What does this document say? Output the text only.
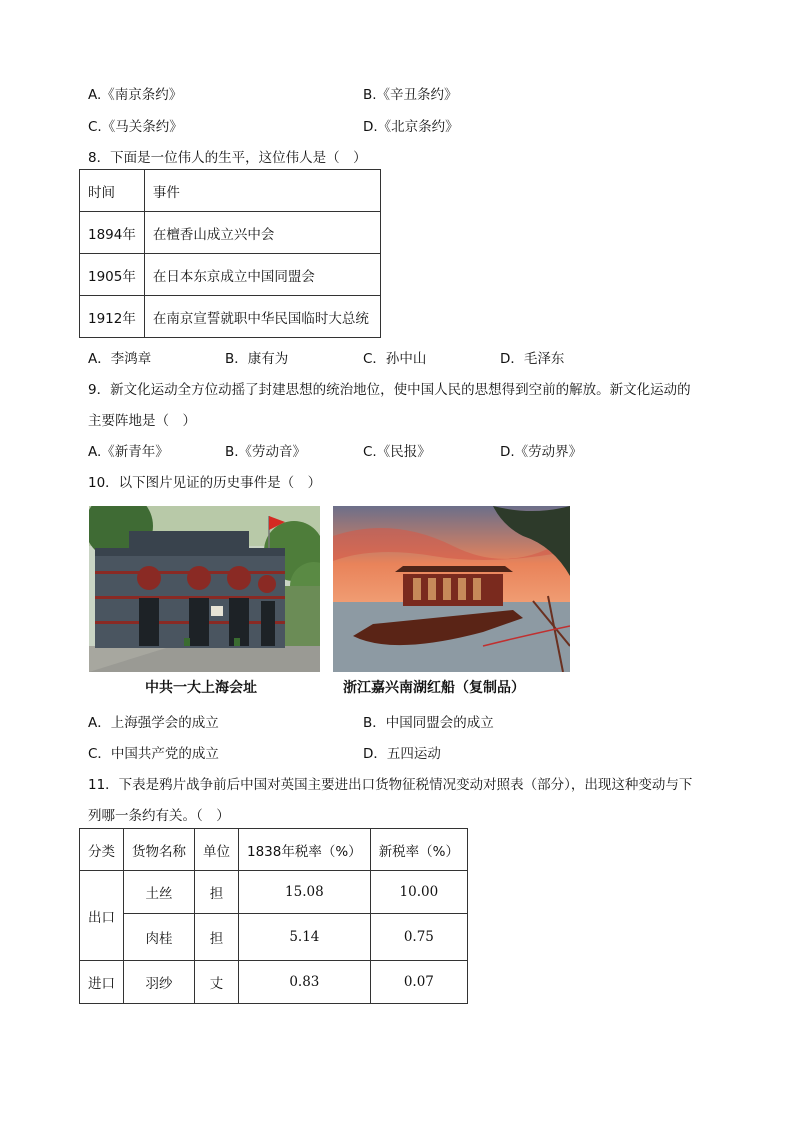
A.《南京条约》	B.《辛丑条约》
C.《马关条约》	D.《北京条约》
8．下面是一位伟人的生平，这位伟人是（　）
时间	事件
1894年	在檀香山成立兴中会
1905年	在日本东京成立中国同盟会
1912年	在南京宣誓就职中华民国临时大总统
A．李鸿章	B．康有为	C．孙中山	D．毛泽东
9．新文化运动全方位动摇了封建思想的统治地位，使中国人民的思想得到空前的解放。新文化运动的
主要阵地是（　）
A.《新青年》	B.《劳动音》	C.《民报》	D.《劳动界》
10．以下图片见证的历史事件是（　）
中共一大上海会址	浙江嘉兴南湖红船（复制品）
A．上海强学会的成立	B．中国同盟会的成立
C．中国共产党的成立	D．五四运动
11．下表是鸦片战争前后中国对英国主要进出口货物征税情况变动对照表（部分），出现这种变动与下
列哪一条约有关。（　）
分类	货物名称	单位	1838年税率（%）	新税率（%）
出口	土丝	担	15.08	10.00
	肉桂	担	5.14	0.75
进口	羽纱	丈	0.83	0.07
